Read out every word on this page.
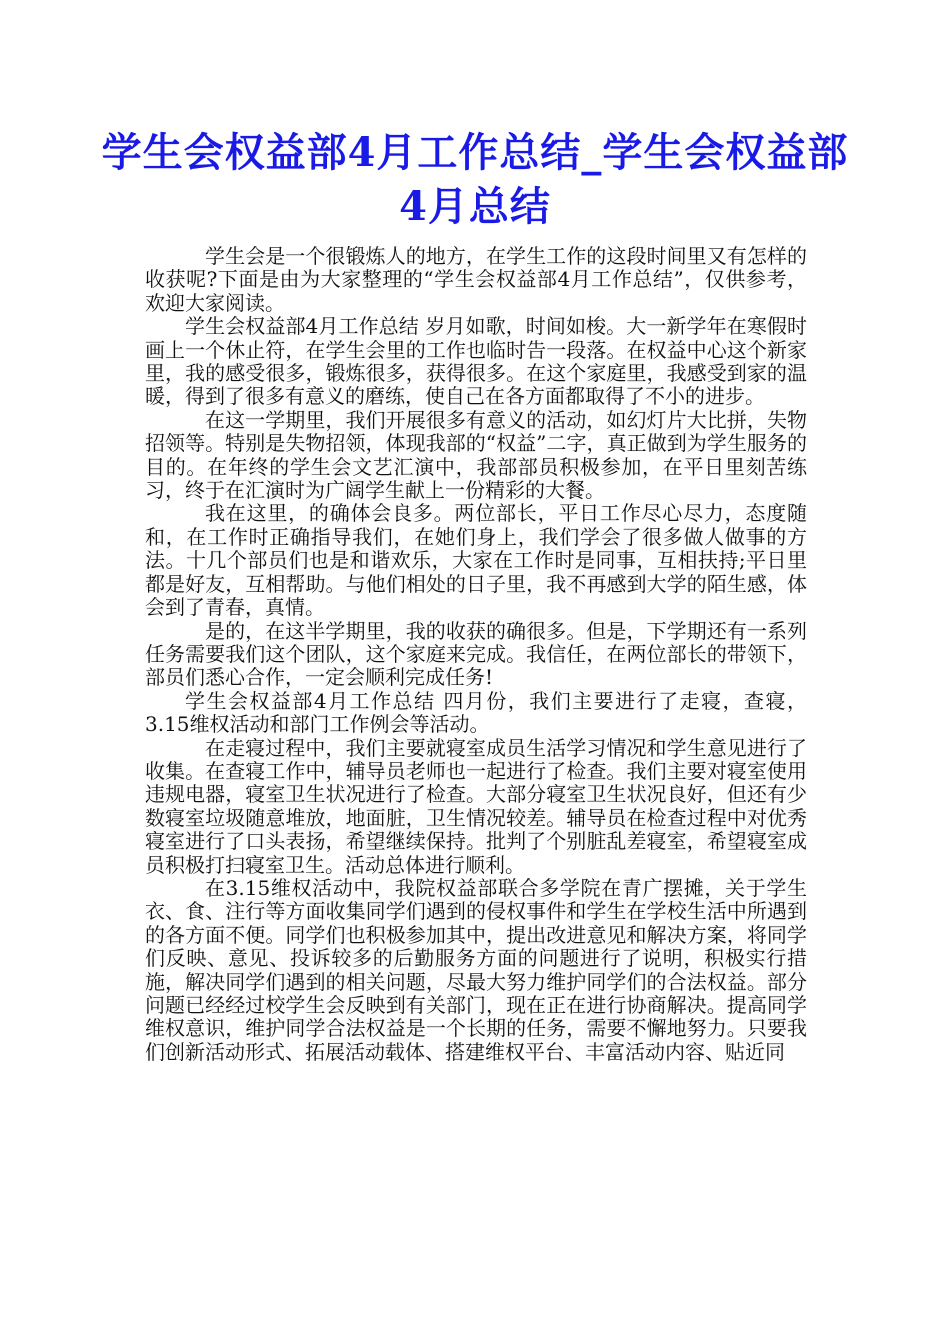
学生会权益部4月工作总结_学生会权益部4月总结

学生会是一个很锻炼人的地方，在学生工作的这段时间里又有怎样的收获呢?下面是由为大家整理的“学生会权益部4月工作总结”，仅供参考，欢迎大家阅读。

学生会权益部4月工作总结 岁月如歌，时间如梭。大一新学年在寒假时画上一个休止符，在学生会里的工作也临时告一段落。在权益中心这个新家里，我的感受很多，锻炼很多，获得很多。在这个家庭里，我感受到家的温暖，得到了很多有意义的磨练，使自己在各方面都取得了不小的进步。

在这一学期里，我们开展很多有意义的活动，如幻灯片大比拼，失物招领等。特别是失物招领，体现我部的“权益”二字，真正做到为学生服务的目的。在年终的学生会文艺汇演中，我部部员积极参加，在平日里刻苦练习，终于在汇演时为广阔学生献上一份精彩的大餐。

我在这里，的确体会良多。两位部长，平日工作尽心尽力，态度随和，在工作时正确指导我们，在她们身上，我们学会了很多做人做事的方法。十几个部员们也是和谐欢乐，大家在工作时是同事，互相扶持;平日里都是好友，互相帮助。与他们相处的日子里，我不再感到大学的陌生感，体会到了青春，真情。

是的，在这半学期里，我的收获的确很多。但是，下学期还有一系列任务需要我们这个团队，这个家庭来完成。我信任，在两位部长的带领下，部员们悉心合作，一定会顺利完成任务!

学生会权益部4月工作总结 四月份，我们主要进行了走寝，查寝，3.15维权活动和部门工作例会等活动。

在走寝过程中，我们主要就寝室成员生活学习情况和学生意见进行了收集。在查寝工作中，辅导员老师也一起进行了检查。我们主要对寝室使用违规电器，寝室卫生状况进行了检查。大部分寝室卫生状况良好，但还有少数寝室垃圾随意堆放，地面脏，卫生情况较差。辅导员在检查过程中对优秀寝室进行了口头表扬，希望继续保持。批判了个别脏乱差寝室，希望寝室成员积极打扫寝室卫生。活动总体进行顺利。

在3.15维权活动中，我院权益部联合多学院在青广摆摊，关于学生衣、食、注行等方面收集同学们遇到的侵权事件和学生在学校生活中所遇到的各方面不便。同学们也积极参加其中，提出改进意见和解决方案，将同学们反映、意见、投诉较多的后勤服务方面的问题进行了说明，积极实行措施，解决同学们遇到的相关问题，尽最大努力维护同学们的合法权益。部分问题已经经过校学生会反映到有关部门，现在正在进行协商解决。提高同学维权意识，维护同学合法权益是一个长期的任务，需要不懈地努力。只要我们创新活动形式、拓展活动载体、搭建维权平台、丰富活动内容、贴近同
